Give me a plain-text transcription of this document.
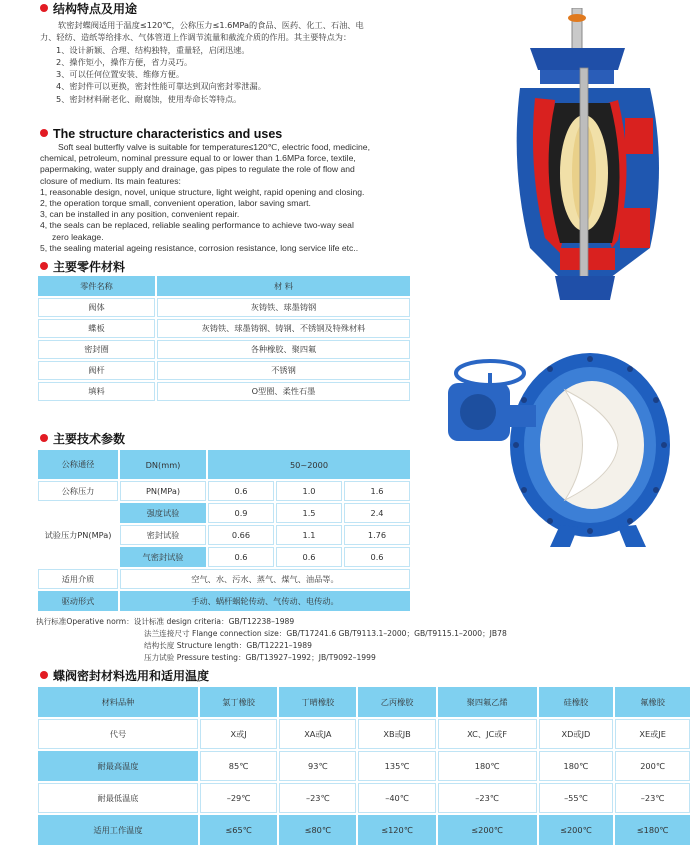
结构特点及用途
软密封蝶阀适用于温度≤120℃，公称压力≤1.6MPa的食品、医药、化工、石油、电
力、轻纺、造纸等给排水、气体管道上作调节流量和截流介质的作用。其主要特点为：
1、设计新颖、合理、结构独特，重量轻，启闭迅速。
2、操作矩小，操作方便，省力灵巧。
3、可以任何位置安装、维修方便。
4、密封件可以更换，密封性能可靠达到双向密封零泄漏。
5、密封材料耐老化、耐腐蚀，使用寿命长等特点。
The structure characteristics and uses
Soft seal butterfly valve is suitable for temperature≤120℃, electric food, medicine,
chemical, petroleum, nominal pressure equal to or lower than 1.6MPa force, textile,
papermaking, water supply and drainage, gas pipes to regulate the role of flow and
closure of medium. Its main features:
1, reasonable design, novel, unique structure, light weight, rapid opening and closing.
2, the operation torque small, convenient operation, labor saving smart.
3, can be installed in any position, convenient repair.
4, the seals can be replaced, reliable sealing performance to achieve two-way seal
zero leakage.
5, the sealing material ageing resistance, corrosion resistance, long service life etc..
主要零件材料
零件名称	材 料
阀体	灰铸铁、球墨铸钢
蝶板	灰铸铁、球墨铸钢、铸钢、不锈钢及特殊材料
密封圈	各种橡胶、聚四氟
阀杆	不锈钢
填料	O型圈、柔性石墨
主要技术参数
公称通径	DN(mm)	50~2000		
公称压力	PN(MPa)	0.6	1.0	1.6
试验压力PN(MPa)	强度试验	0.9	1.5	2.4
	密封试验	0.66	1.1	1.76
	气密封试验	0.6	0.6	0.6
适用介质	空气、水、污水、蒸气、煤气、油品等。			
驱动形式	手动、蜗杆蜗轮传动、气传动、电传动。			
执行标准Operative norm：设计标准 design criteria：GB/T12238–1989
法兰连接尺寸 Flange connection size：GB/T17241.6 GB/T9113.1–2000；GB/T9115.1–2000；JB78
结构长度 Structure length：GB/T12221–1989
压力试验 Pressure testing：GB/T13927–1992；JB/T9092–1999
蝶阀密封材料选用和适用温度
材料品种	氯丁橡胶	丁晴橡胶	乙丙橡胶	聚四氟乙烯	硅橡胶	氟橡胶
代号	X或J	XA或JA	XB或JB	XC、JC或F	XD或JD	XE或JE
耐最高温度	85℃	93℃	135℃	180℃	180℃	200℃
耐最低温底	–29℃	–23℃	–40℃	–23℃	–55℃	–23℃
适用工作温度	≤65℃	≤80℃	≤120℃	≤200℃	≤200℃	≤180℃
